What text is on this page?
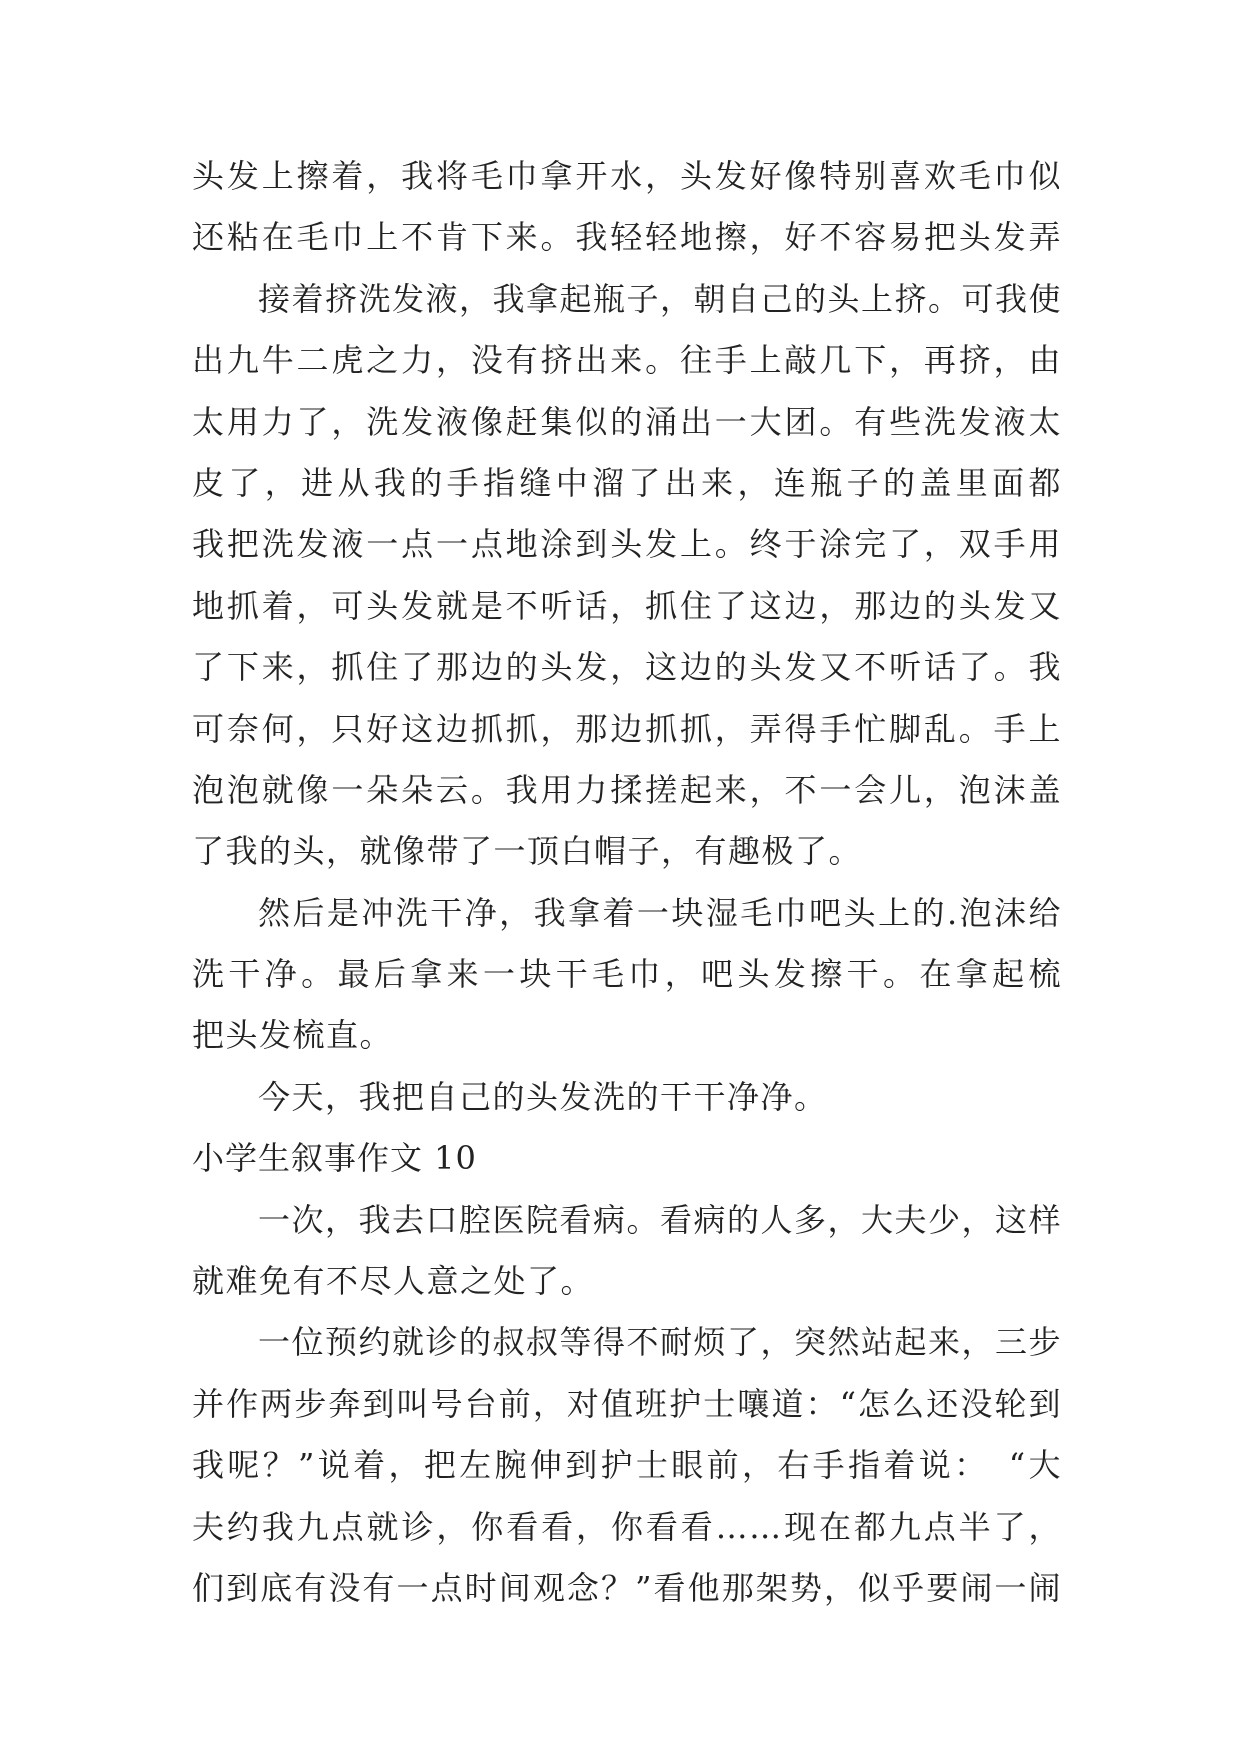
头发上擦着，我将毛巾拿开水，头发好像特别喜欢毛巾似
还粘在毛巾上不肯下来。我轻轻地擦，好不容易把头发弄
接着挤洗发液，我拿起瓶子，朝自己的头上挤。可我使
出九牛二虎之力，没有挤出来。往手上敲几下，再挤，由
太用力了，洗发液像赶集似的涌出一大团。有些洗发液太
皮了，进从我的手指缝中溜了出来，连瓶子的盖里面都
我把洗发液一点一点地涂到头发上。终于涂完了，双手用
地抓着，可头发就是不听话，抓住了这边，那边的头发又
了下来，抓住了那边的头发，这边的头发又不听话了。我
可奈何，只好这边抓抓，那边抓抓，弄得手忙脚乱。手上
泡泡就像一朵朵云。我用力揉搓起来，不一会儿，泡沫盖
了我的头，就像带了一顶白帽子，有趣极了。
然后是冲洗干净，我拿着一块湿毛巾吧头上的.泡沫给
洗干净。最后拿来一块干毛巾，吧头发擦干。在拿起梳
把头发梳直。
今天，我把自己的头发洗的干干净净。
小学生叙事作文 10
一次，我去口腔医院看病。看病的人多，大夫少，这样
就难免有不尽人意之处了。
一位预约就诊的叔叔等得不耐烦了，突然站起来，三步
并作两步奔到叫号台前，对值班护士嚷道：“怎么还没轮到
我呢？”说着，把左腕伸到护士眼前，右手指着说：　“大
夫约我九点就诊，你看看，你看看……现在都九点半了，
们到底有没有一点时间观念？”看他那架势，似乎要闹一闹
